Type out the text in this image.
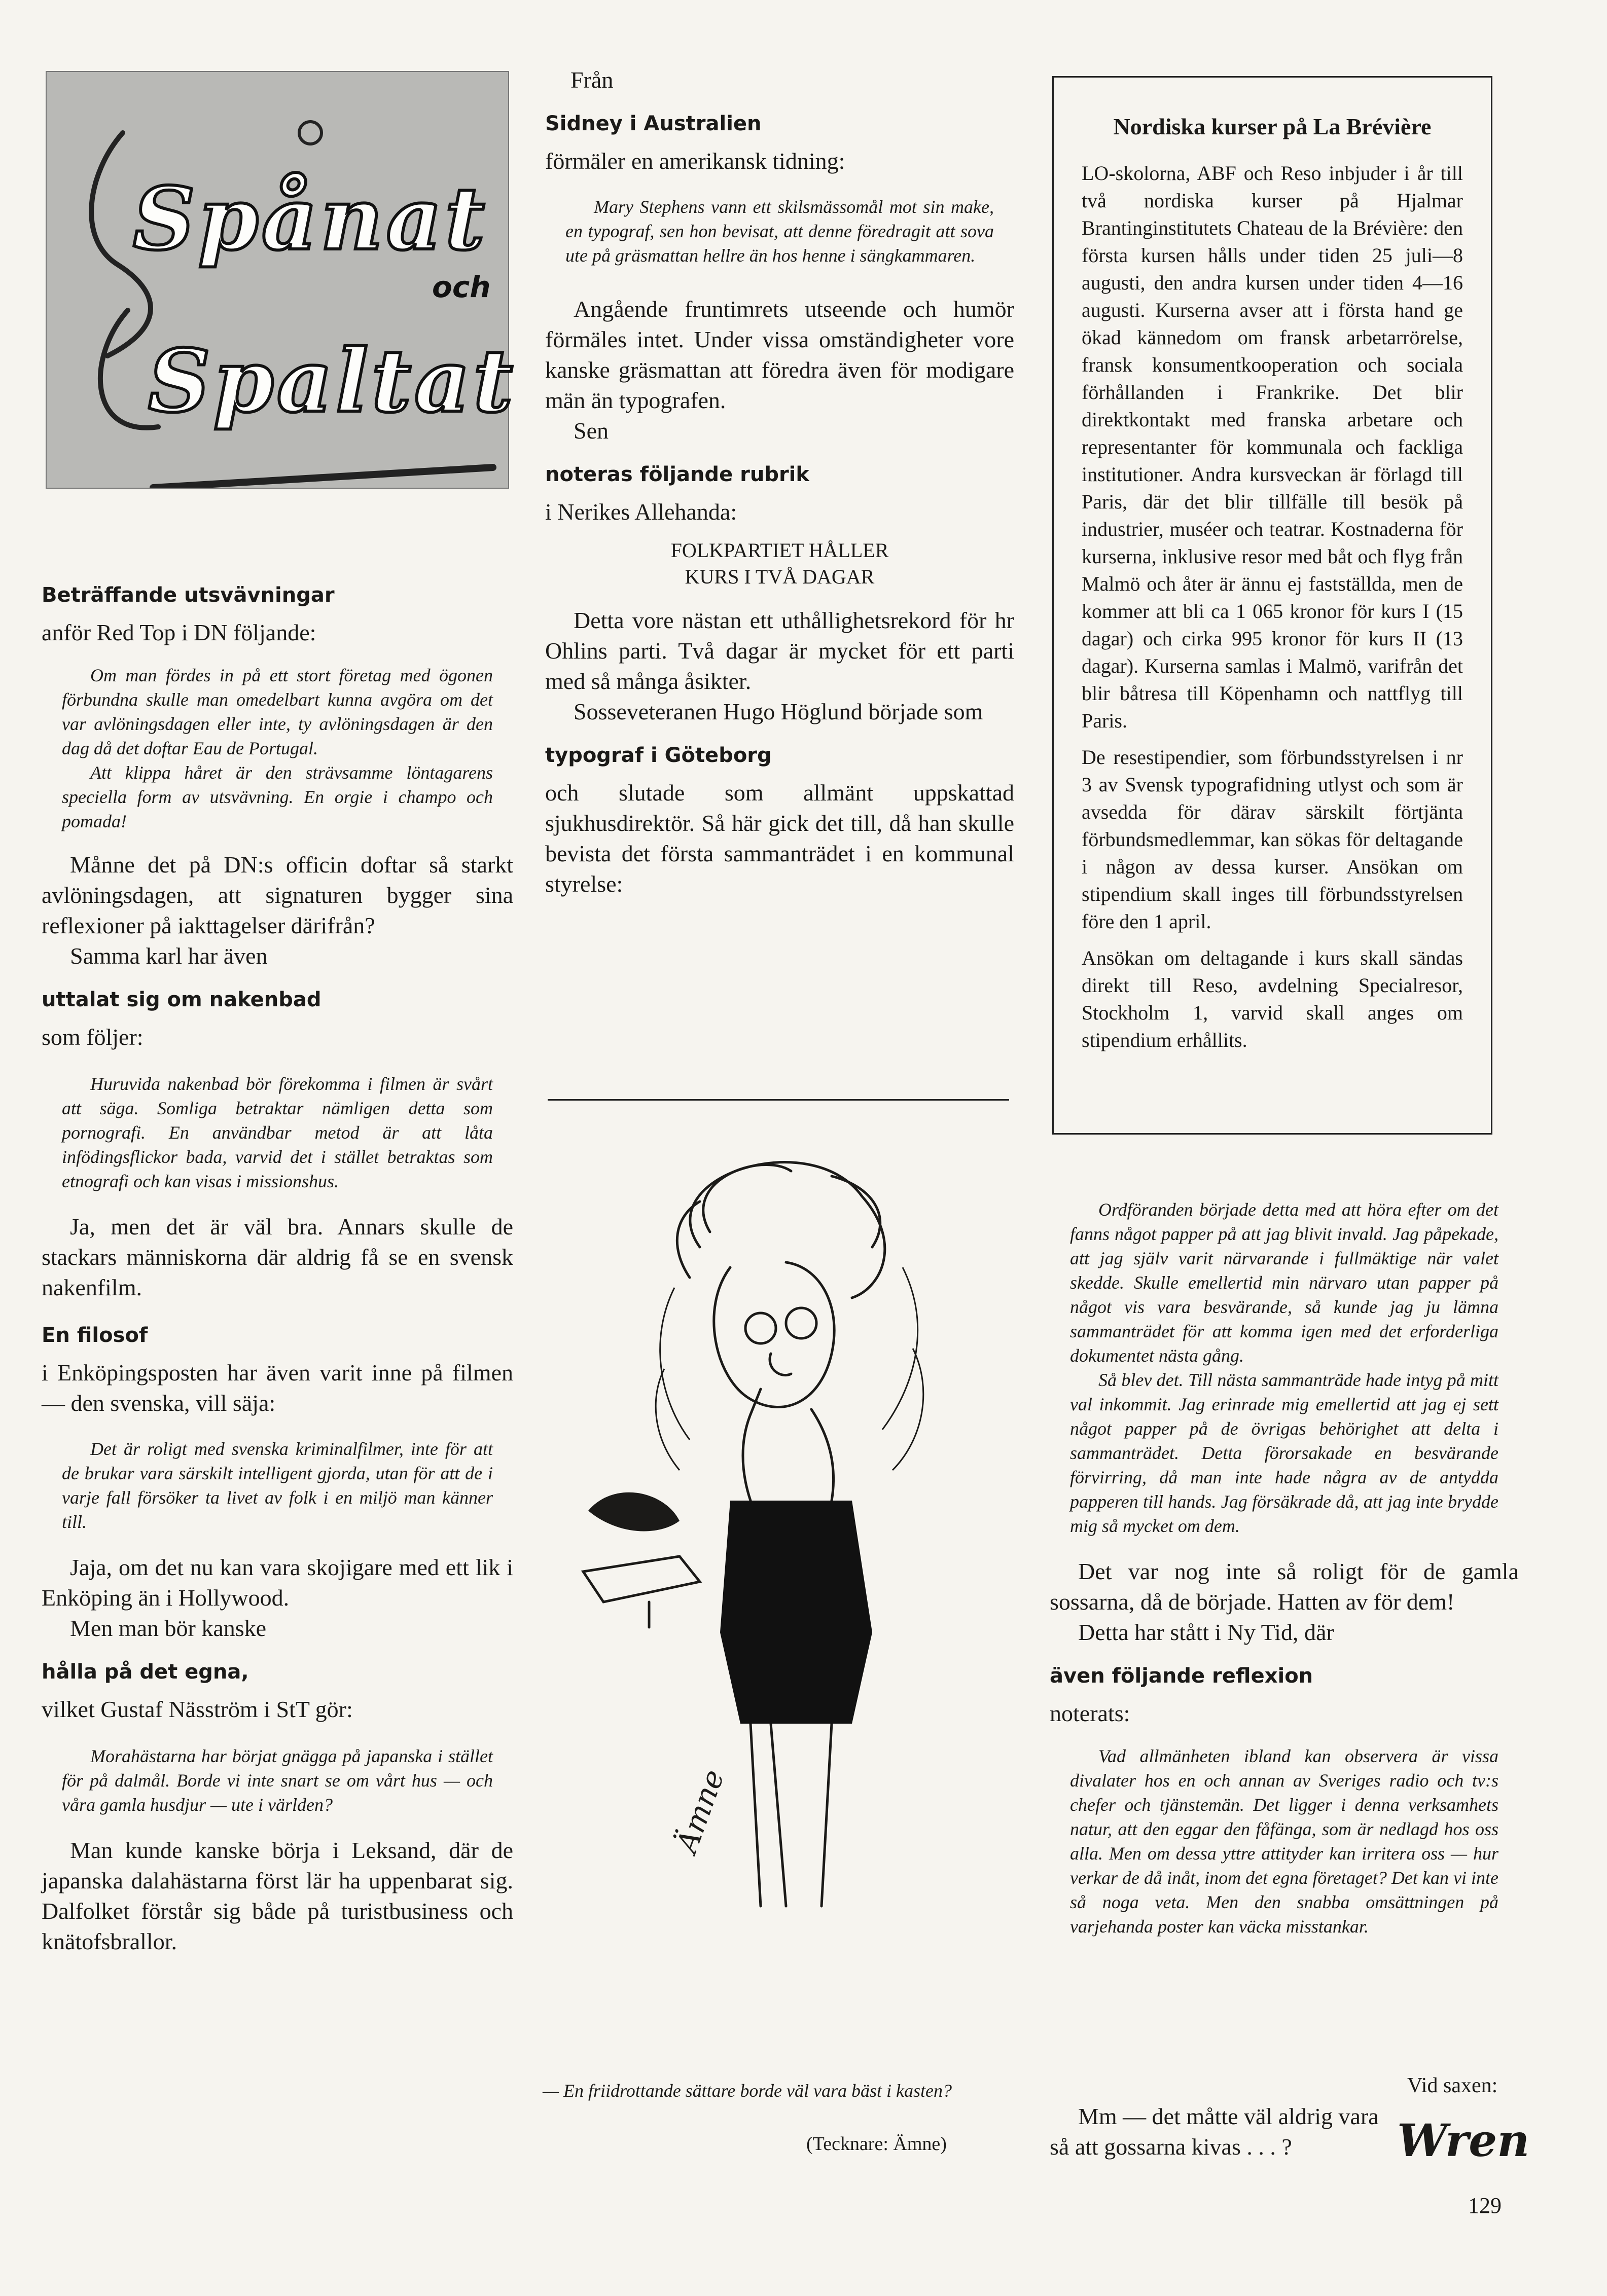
Spånat
och
Spaltat

Beträffande utsvävningar

anför Red Top i DN följande:

Om man fördes in på ett stort företag med ögonen förbundna skulle man omedelbart kunna avgöra om det var avlöningsdagen eller inte, ty avlöningsdagen är den dag då det doftar Eau de Portugal.

Att klippa håret är den strävsamme löntagarens speciella form av utsvävning. En orgie i champo och pomada!

Månne det på DN:s officin doftar så starkt avlöningsdagen, att signaturen bygger sina reflexioner på iakttagelser därifrån?

Samma karl har även

uttalat sig om nakenbad

som följer:

Huruvida nakenbad bör förekomma i filmen är svårt att säga. Somliga betraktar nämligen detta som pornografi. En användbar metod är att låta infödingsflickor bada, varvid det i stället betraktas som etnografi och kan visas i missionshus.

Ja, men det är väl bra. Annars skulle de stackars människorna där aldrig få se en svensk nakenfilm.

En filosof

i Enköpingsposten har även varit inne på filmen — den svenska, vill säja:

Det är roligt med svenska kriminalfilmer, inte för att de brukar vara särskilt intelligent gjorda, utan för att de i varje fall försöker ta livet av folk i en miljö man känner till.

Jaja, om det nu kan vara skojigare med ett lik i Enköping än i Hollywood.

Men man bör kanske

hålla på det egna,

vilket Gustaf Näsström i StT gör:

Morahästarna har börjat gnägga på japanska i stället för på dalmål. Borde vi inte snart se om vårt hus — och våra gamla husdjur — ute i världen?

Man kunde kanske börja i Leksand, där de japanska dalahästarna först lär ha uppenbarat sig. Dalfolket förstår sig både på turistbusiness och knätofsbrallor.

Från

Sidney i Australien

förmäler en amerikansk tidning:

Mary Stephens vann ett skilsmässomål mot sin make, en typograf, sen hon bevisat, att denne föredragit att sova ute på gräsmattan hellre än hos henne i sängkammaren.

Angående fruntimrets utseende och humör förmäles intet. Under vissa omständigheter vore kanske gräsmattan att föredra även för modigare män än typografen.

Sen

noteras följande rubrik

i Nerikes Allehanda:

FOLKPARTIET HÅLLER

KURS I TVÅ DAGAR

Detta vore nästan ett uthållighetsrekord för hr Ohlins parti. Två dagar är mycket för ett parti med så många åsikter.

Sosseveteranen Hugo Höglund började som

typograf i Göteborg

och slutade som allmänt uppskattad sjukhusdirektör. Så här gick det till, då han skulle bevista det första sammanträdet i en kommunal styrelse:

Ämne

— En friidrottande sättare borde väl vara bäst i kasten?

(Tecknare: Ämne)

Nordiska kurser på La Brévière

LO-skolorna, ABF och Reso inbjuder i år till två nordiska kurser på Hjalmar Brantinginstitutets Chateau de la Brévière: den första kursen hålls under tiden 25 juli—8 augusti, den andra kursen under tiden 4—16 augusti. Kurserna avser att i första hand ge ökad kännedom om fransk arbetarrörelse, fransk konsumentkooperation och sociala förhållanden i Frankrike. Det blir direktkontakt med franska arbetare och representanter för kommunala och fackliga institutioner. Andra kursveckan är förlagd till Paris, där det blir tillfälle till besök på industrier, muséer och teatrar. Kostnaderna för kurserna, inklusive resor med båt och flyg från Malmö och åter är ännu ej fastställda, men de kommer att bli ca 1 065 kronor för kurs I (15 dagar) och cirka 995 kronor för kurs II (13 dagar). Kurserna samlas i Malmö, varifrån det blir båtresa till Köpenhamn och nattflyg till Paris.

De resestipendier, som förbundsstyrelsen i nr 3 av Svensk typografidning utlyst och som är avsedda för därav särskilt förtjänta förbundsmedlemmar, kan sökas för deltagande i någon av dessa kurser. Ansökan om stipendium skall inges till förbundsstyrelsen före den 1 april.

Ansökan om deltagande i kurs skall sändas direkt till Reso, avdelning Specialresor, Stockholm 1, varvid skall anges om stipendium erhållits.

Ordföranden började detta med att höra efter om det fanns något papper på att jag blivit invald. Jag påpekade, att jag själv varit närvarande i fullmäktige när valet skedde. Skulle emellertid min närvaro utan papper på något vis vara besvärande, så kunde jag ju lämna sammanträdet för att komma igen med det erforderliga dokumentet nästa gång.

Så blev det. Till nästa sammanträde hade intyg på mitt val inkommit. Jag erinrade mig emellertid att jag ej sett något papper på de övrigas behörighet att delta i sammanträdet. Detta förorsakade en besvärande förvirring, då man inte hade några av de antydda papperen till hands. Jag försäkrade då, att jag inte brydde mig så mycket om dem.

Det var nog inte så roligt för de gamla sossarna, då de började. Hatten av för dem!

Detta har stått i Ny Tid, där

även följande reflexion

noterats:

Vad allmänheten ibland kan observera är vissa divalater hos en och annan av Sveriges radio och tv:s chefer och tjänstemän. Det ligger i denna verksamhets natur, att den eggar den fåfänga, som är nedlagd hos oss alla. Men om dessa yttre attityder kan irritera oss — hur verkar de då inåt, inom det egna företaget? Det kan vi inte så noga veta. Men den snabba omsättningen på varjehanda poster kan väcka misstankar.

Vid saxen:

Mm — det måtte väl aldrig vara så att gossarna kivas . . . ?	Wren
129
